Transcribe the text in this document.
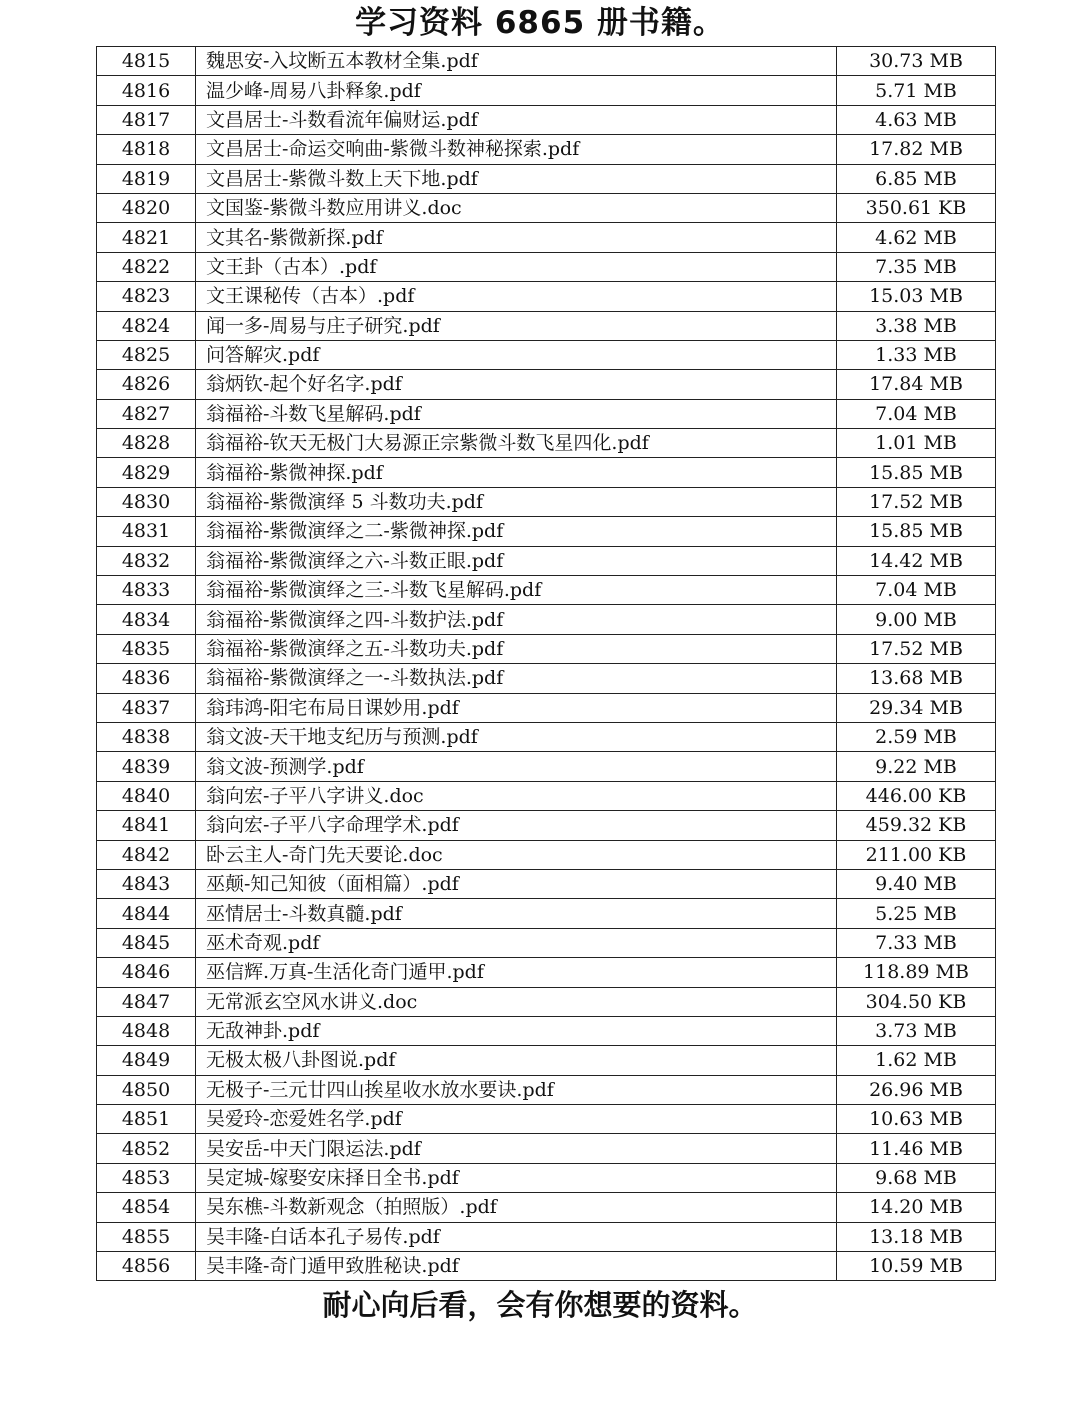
学习资料 6865 册书籍。
4815	魏思安-入坟断五本教材全集.pdf	30.73 MB
4816	温少峰-周易八卦释象.pdf	5.71 MB
4817	文昌居士-斗数看流年偏财运.pdf	4.63 MB
4818	文昌居士-命运交响曲-紫微斗数神秘探索.pdf	17.82 MB
4819	文昌居士-紫微斗数上天下地.pdf	6.85 MB
4820	文国鉴-紫微斗数应用讲义.doc	350.61 KB
4821	文其名-紫微新探.pdf	4.62 MB
4822	文王卦（古本）.pdf	7.35 MB
4823	文王课秘传（古本）.pdf	15.03 MB
4824	闻一多-周易与庄子研究.pdf	3.38 MB
4825	问答解灾.pdf	1.33 MB
4826	翁炳钦-起个好名字.pdf	17.84 MB
4827	翁福裕-斗数飞星解码.pdf	7.04 MB
4828	翁福裕-钦天无极门大易源正宗紫微斗数飞星四化.pdf	1.01 MB
4829	翁福裕-紫微神探.pdf	15.85 MB
4830	翁福裕-紫微演绎 5 斗数功夫.pdf	17.52 MB
4831	翁福裕-紫微演绎之二-紫微神探.pdf	15.85 MB
4832	翁福裕-紫微演绎之六-斗数正眼.pdf	14.42 MB
4833	翁福裕-紫微演绎之三-斗数飞星解码.pdf	7.04 MB
4834	翁福裕-紫微演绎之四-斗数护法.pdf	9.00 MB
4835	翁福裕-紫微演绎之五-斗数功夫.pdf	17.52 MB
4836	翁福裕-紫微演绎之一-斗数执法.pdf	13.68 MB
4837	翁玮鸿-阳宅布局日课妙用.pdf	29.34 MB
4838	翁文波-天干地支纪历与预测.pdf	2.59 MB
4839	翁文波-预测学.pdf	9.22 MB
4840	翁向宏-子平八字讲义.doc	446.00 KB
4841	翁向宏-子平八字命理学术.pdf	459.32 KB
4842	卧云主人-奇门先天要论.doc	211.00 KB
4843	巫颠-知己知彼（面相篇）.pdf	9.40 MB
4844	巫情居士-斗数真髓.pdf	5.25 MB
4845	巫术奇观.pdf	7.33 MB
4846	巫信辉.万真-生活化奇门遁甲.pdf	118.89 MB
4847	无常派玄空风水讲义.doc	304.50 KB
4848	无敌神卦.pdf	3.73 MB
4849	无极太极八卦图说.pdf	1.62 MB
4850	无极子-三元廿四山挨星收水放水要诀.pdf	26.96 MB
4851	吴爱玲-恋爱姓名学.pdf	10.63 MB
4852	吴安岳-中天门限运法.pdf	11.46 MB
4853	吴定城-嫁娶安床择日全书.pdf	9.68 MB
4854	吴东樵-斗数新观念（拍照版）.pdf	14.20 MB
4855	吴丰隆-白话本孔子易传.pdf	13.18 MB
4856	吴丰隆-奇门遁甲致胜秘诀.pdf	10.59 MB
耐心向后看，会有你想要的资料。
